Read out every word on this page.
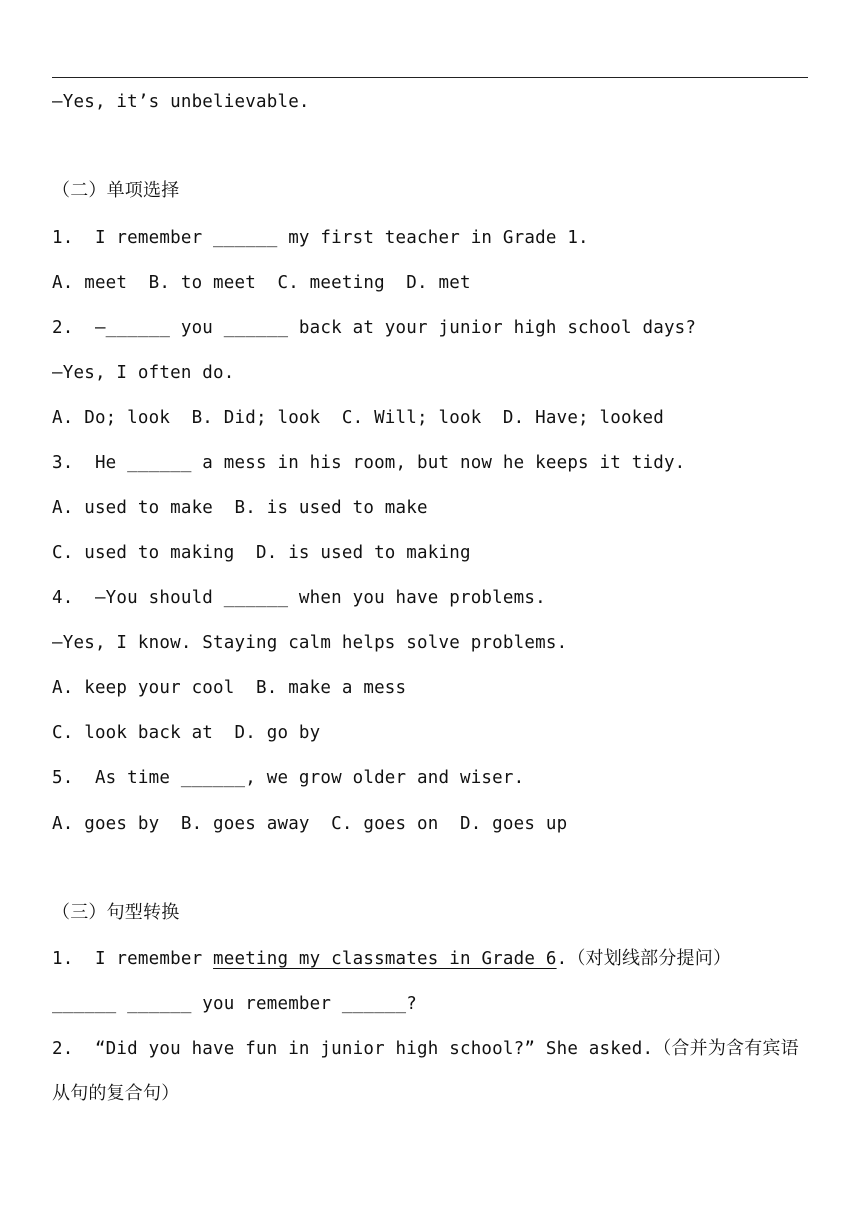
—Yes, it’s unbelievable.
（二）单项选择
1.  I remember ______ my first teacher in Grade 1.
A. meet  B. to meet  C. meeting  D. met
2.  —______ you ______ back at your junior high school days?
—Yes, I often do.
A. Do; look  B. Did; look  C. Will; look  D. Have; looked
3.  He ______ a mess in his room, but now he keeps it tidy.
A. used to make  B. is used to make
C. used to making  D. is used to making
4.  —You should ______ when you have problems.
—Yes, I know. Staying calm helps solve problems.
A. keep your cool  B. make a mess
C. look back at  D. go by
5.  As time ______, we grow older and wiser.
A. goes by  B. goes away  C. goes on  D. goes up
（三）句型转换
1.  I remember meeting my classmates in Grade 6.（对划线部分提问）
______ ______ you remember ______?
2.  “Did you have fun in junior high school?” She asked.（合并为含有宾语
从句的复合句）
